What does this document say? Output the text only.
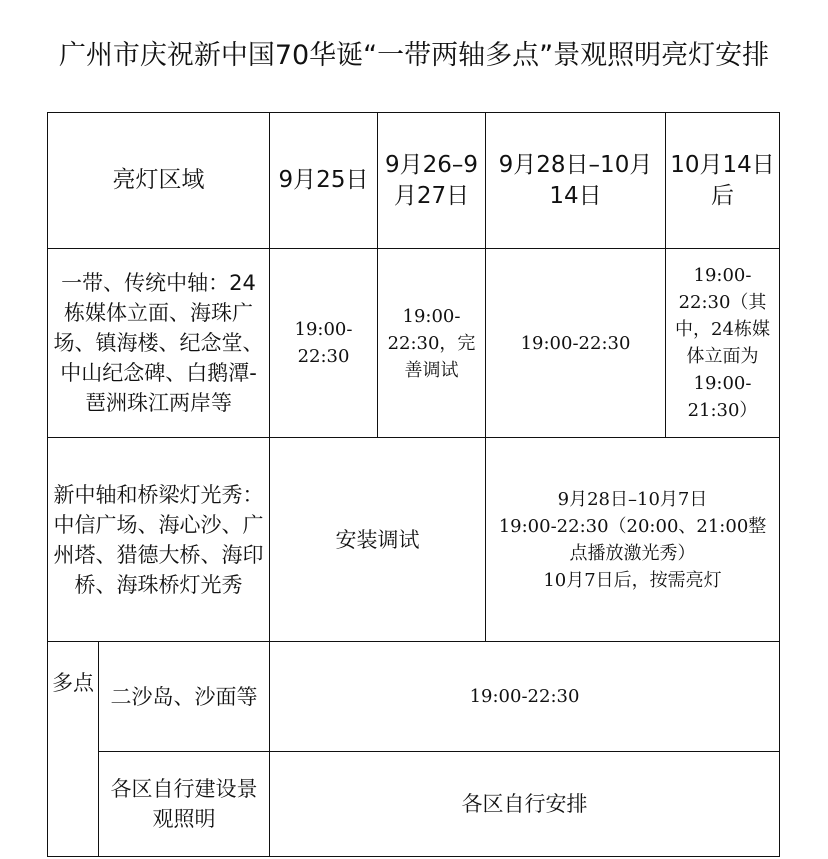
广州市庆祝新中国70华诞“一带两轴多点”景观照明亮灯安排
亮灯区域		9月25日	9月26–9月27日	9月28日–10月14日	10月14日后
一带、传统中轴：24栋媒体立面、海珠广场、镇海楼、纪念堂、中山纪念碑、白鹅潭-琶洲珠江两岸等		19:00-22:30	19:00-22:30，完善调试	19:00-22:30	19:00-22:30（其中，24栋媒体立面为19:00-21:30）
新中轴和桥梁灯光秀：中信广场、海心沙、广州塔、猎德大桥、海印桥、海珠桥灯光秀		安装调试		9月28日–10月7日
19:00-22:30（20:00、21:00整点播放激光秀）
10月7日后，按需亮灯	

多点	二沙岛、沙面等	19:00-22:30			
	各区自行建设景观照明	各区自行安排			
